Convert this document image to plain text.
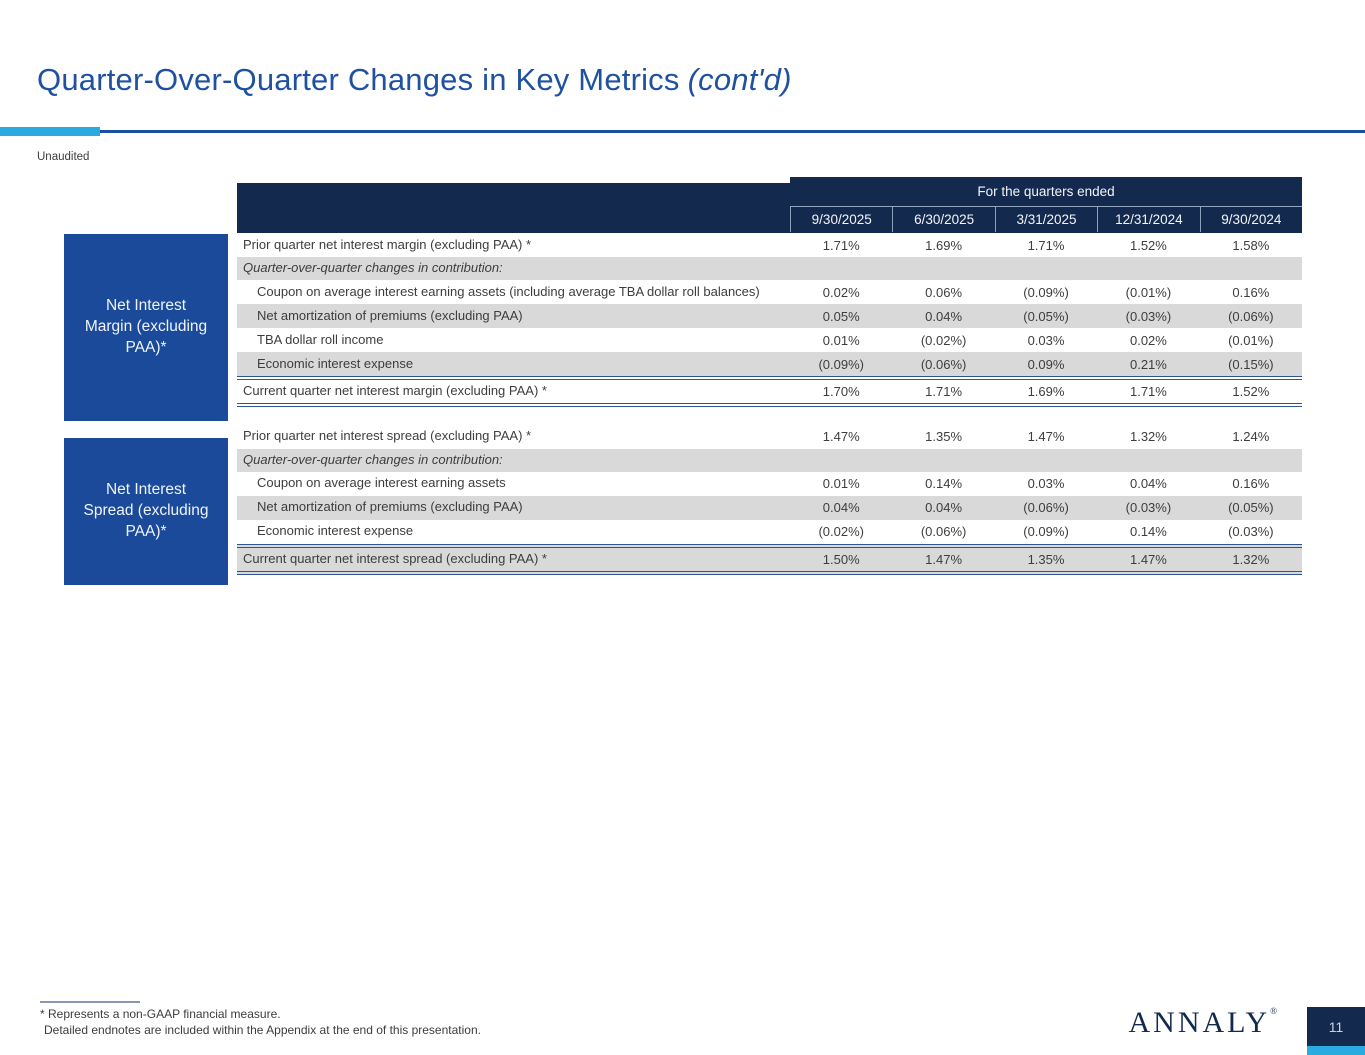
Quarter-Over-Quarter Changes in Key Metrics (cont'd)
Unaudited
Net Interest Margin (excluding PAA)*
Net Interest Spread (excluding PAA)*
For the quarters ended
9/30/2025	6/30/2025	3/31/2025	12/31/2024	9/30/2024
Prior quarter net interest margin (excluding PAA) *	1.71%	1.69%	1.71%	1.52%	1.58%
Quarter-over-quarter changes in contribution:
Coupon on average interest earning assets (including average TBA dollar roll balances)	0.02%	0.06%	(0.09%)	(0.01%)	0.16%
Net amortization of premiums (excluding PAA)	0.05%	0.04%	(0.05%)	(0.03%)	(0.06%)
TBA dollar roll income	0.01%	(0.02%)	0.03%	0.02%	(0.01%)
Economic interest expense	(0.09%)	(0.06%)	0.09%	0.21%	(0.15%)
Current quarter net interest margin (excluding PAA) *	1.70%	1.71%	1.69%	1.71%	1.52%
Prior quarter net interest spread (excluding PAA) *	1.47%	1.35%	1.47%	1.32%	1.24%
Quarter-over-quarter changes in contribution:
Coupon on average interest earning assets	0.01%	0.14%	0.03%	0.04%	0.16%
Net amortization of premiums (excluding PAA)	0.04%	0.04%	(0.06%)	(0.03%)	(0.05%)
Economic interest expense	(0.02%)	(0.06%)	(0.09%)	0.14%	(0.03%)
Current quarter net interest spread (excluding PAA) *	1.50%	1.47%	1.35%	1.47%	1.32%
* Represents a non-GAAP financial measure.
Detailed endnotes are included within the Appendix at the end of this presentation.	ANNALY®
11
